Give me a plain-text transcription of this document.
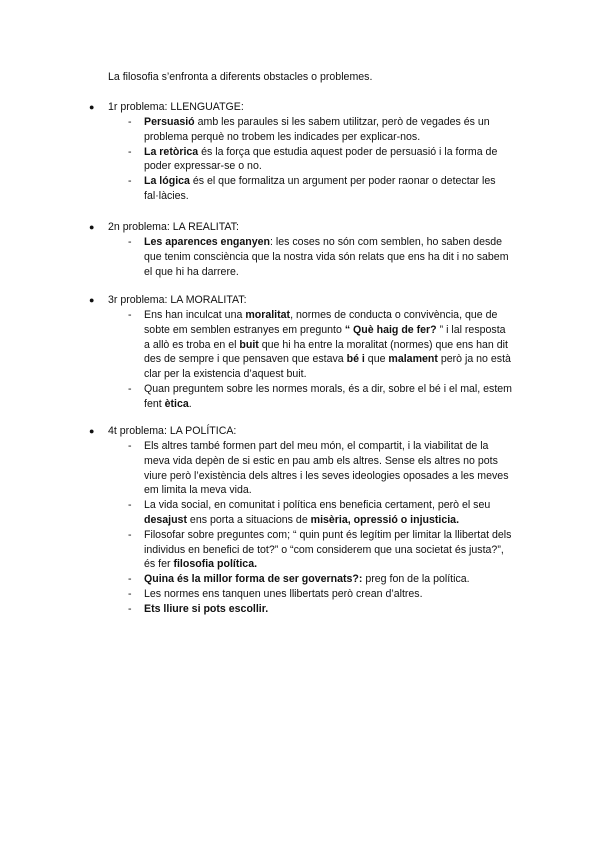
La filosofia s’enfronta a diferents obstacles o problemes.
● 1r problema: LLENGUATGE:
- Persuasió amb les paraules si les sabem utilitzar, però de vegades és un problema perquè no trobem les indicades per explicar-nos.
- La retòrica és la força que estudia aquest poder de persuasió i la forma de poder expressar-se o no.
- La lógica és el que formalitza un argument per poder raonar o detectar les fal·làcies.
● 2n problema: LA REALITAT:
- Les aparences enganyen: les coses no són com semblen, ho saben desde que tenim consciència que la nostra vida són relats que ens ha dit i no sabem el que hi ha darrere.
● 3r problema: LA MORALITAT:
- Ens han inculcat una moralitat, normes de conducta o convivència, que de sobte em semblen estranyes em pregunto “ Què haig de fer? ” i lal resposta a allò es troba en el buit que hi ha entre la moralitat (normes) que ens han dit des de sempre i que pensaven que estava bé i que malament però ja no està clar per la existencia d’aquest buit.
- Quan preguntem sobre les normes morals, és a dir, sobre el bé i el mal, estem fent ètica.
● 4t problema: LA POLÍTICA:
- Els altres també formen part del meu món, el compartit, i la viabilitat de la meva vida depèn de si estic en pau amb els altres. Sense els altres no pots viure però l’existència dels altres i les seves ideologies oposades a les meves em limita la meva vida.
- La vida social, en comunitat i política ens beneficia certament, però el seu desajust ens porta a situacions de misèria, opressió o injusticia.
- Filosofar sobre preguntes com; “ quin punt és legítim per limitar la llibertat dels individus en benefici de tot?” o “com considerem que una societat és justa?”, és fer filosofia política.
- Quina és la millor forma de ser governats?: preg fon de la política.
- Les normes ens tanquen unes llibertats però crean d’altres.
- Ets lliure si pots escollir.
